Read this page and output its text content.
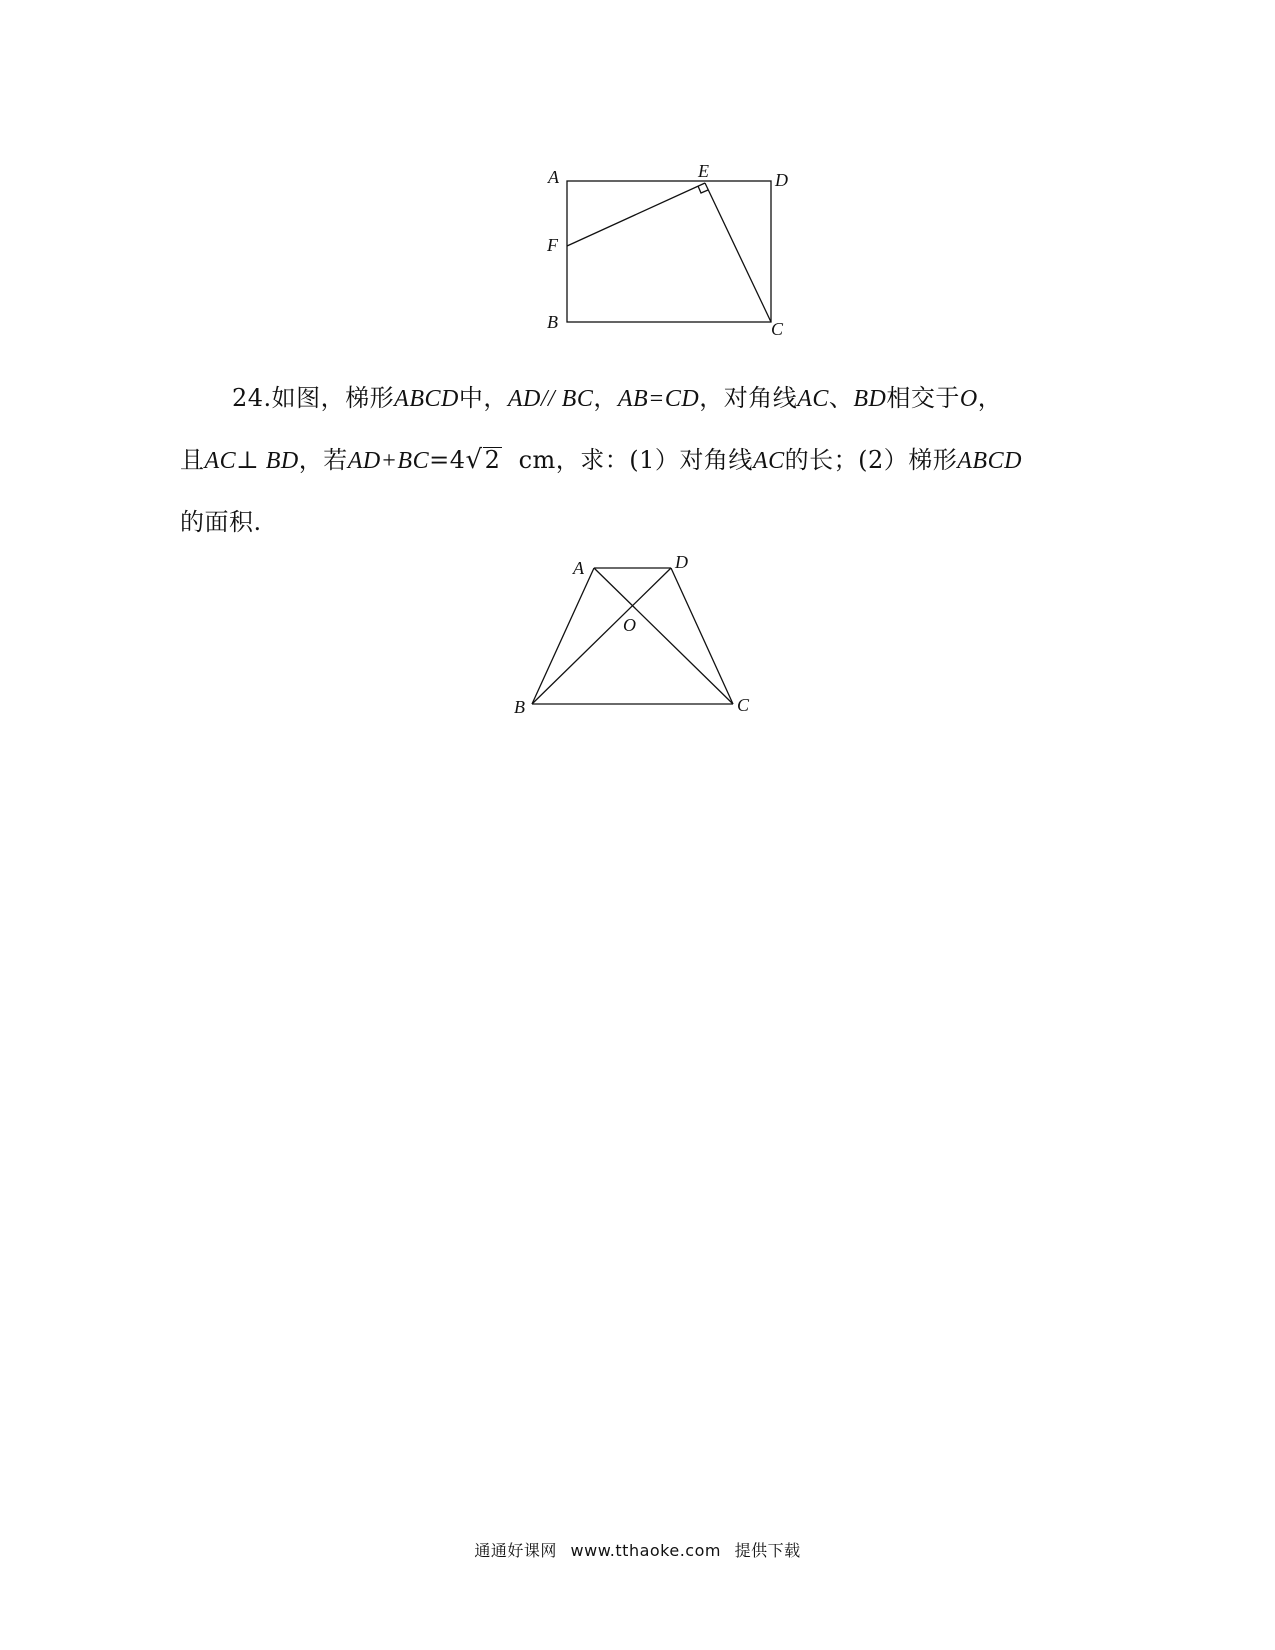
A	E	D
F
B	C

24.如图，梯形ABCD中，AD// BC，AB=CD，对角线AC、BD相交于O，

且AC⊥ BD，若AD+BC=4√2  cm，求：(1）对角线AC的长；(2）梯形ABCD

的面积.

A	D
O
B	C
通通好课网 www.tthaoke.com 提供下载
